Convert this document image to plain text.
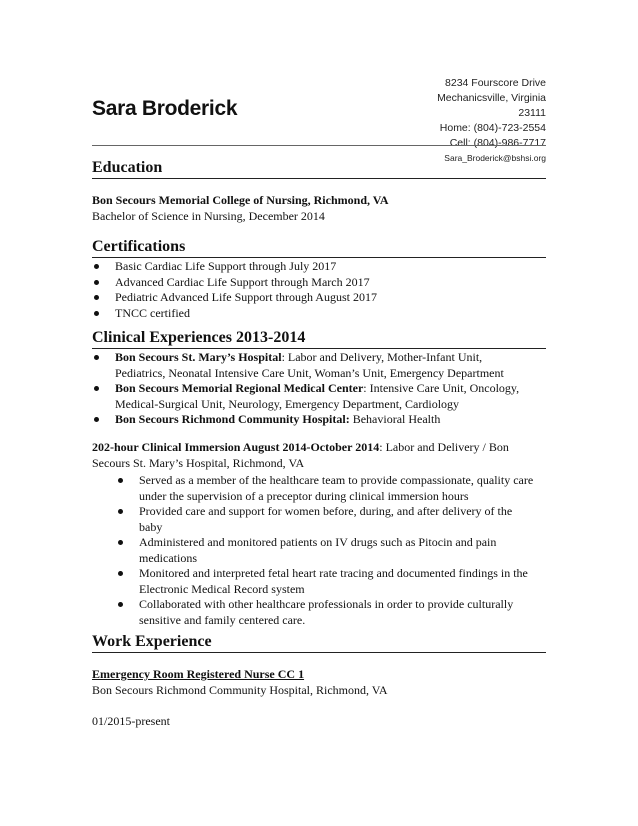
Sara Broderick
8234 Fourscore Drive
Mechanicsville, Virginia
23111
Home: (804)-723-2554
Cell: (804)-986-7717
Sara_Broderick@bshsi.org
Education
Bon Secours Memorial College of Nursing, Richmond, VA
Bachelor of Science in Nursing, December 2014
Certifications
Basic Cardiac Life Support through July 2017
Advanced Cardiac Life Support through March 2017
Pediatric Advanced Life Support through August 2017
TNCC certified
Clinical Experiences 2013-2014
Bon Secours St. Mary’s Hospital: Labor and Delivery, Mother-Infant Unit,
Pediatrics, Neonatal Intensive Care Unit, Woman’s Unit, Emergency Department
Bon Secours Memorial Regional Medical Center: Intensive Care Unit, Oncology,
Medical-Surgical Unit, Neurology, Emergency Department, Cardiology
Bon Secours Richmond Community Hospital: Behavioral Health
202-hour Clinical Immersion August 2014-October 2014: Labor and Delivery / Bon
Secours St. Mary’s Hospital, Richmond, VA
Served as a member of the healthcare team to provide compassionate, quality care
under the supervision of a preceptor during clinical immersion hours
Provided care and support for women before, during, and after delivery of the
baby
Administered and monitored patients on IV drugs such as Pitocin and pain
medications
Monitored and interpreted fetal heart rate tracing and documented findings in the
Electronic Medical Record system
Collaborated with other healthcare professionals in order to provide culturally
sensitive and family centered care.
Work Experience
Emergency Room Registered Nurse CC 1
Bon Secours Richmond Community Hospital, Richmond, VA
01/2015-present
